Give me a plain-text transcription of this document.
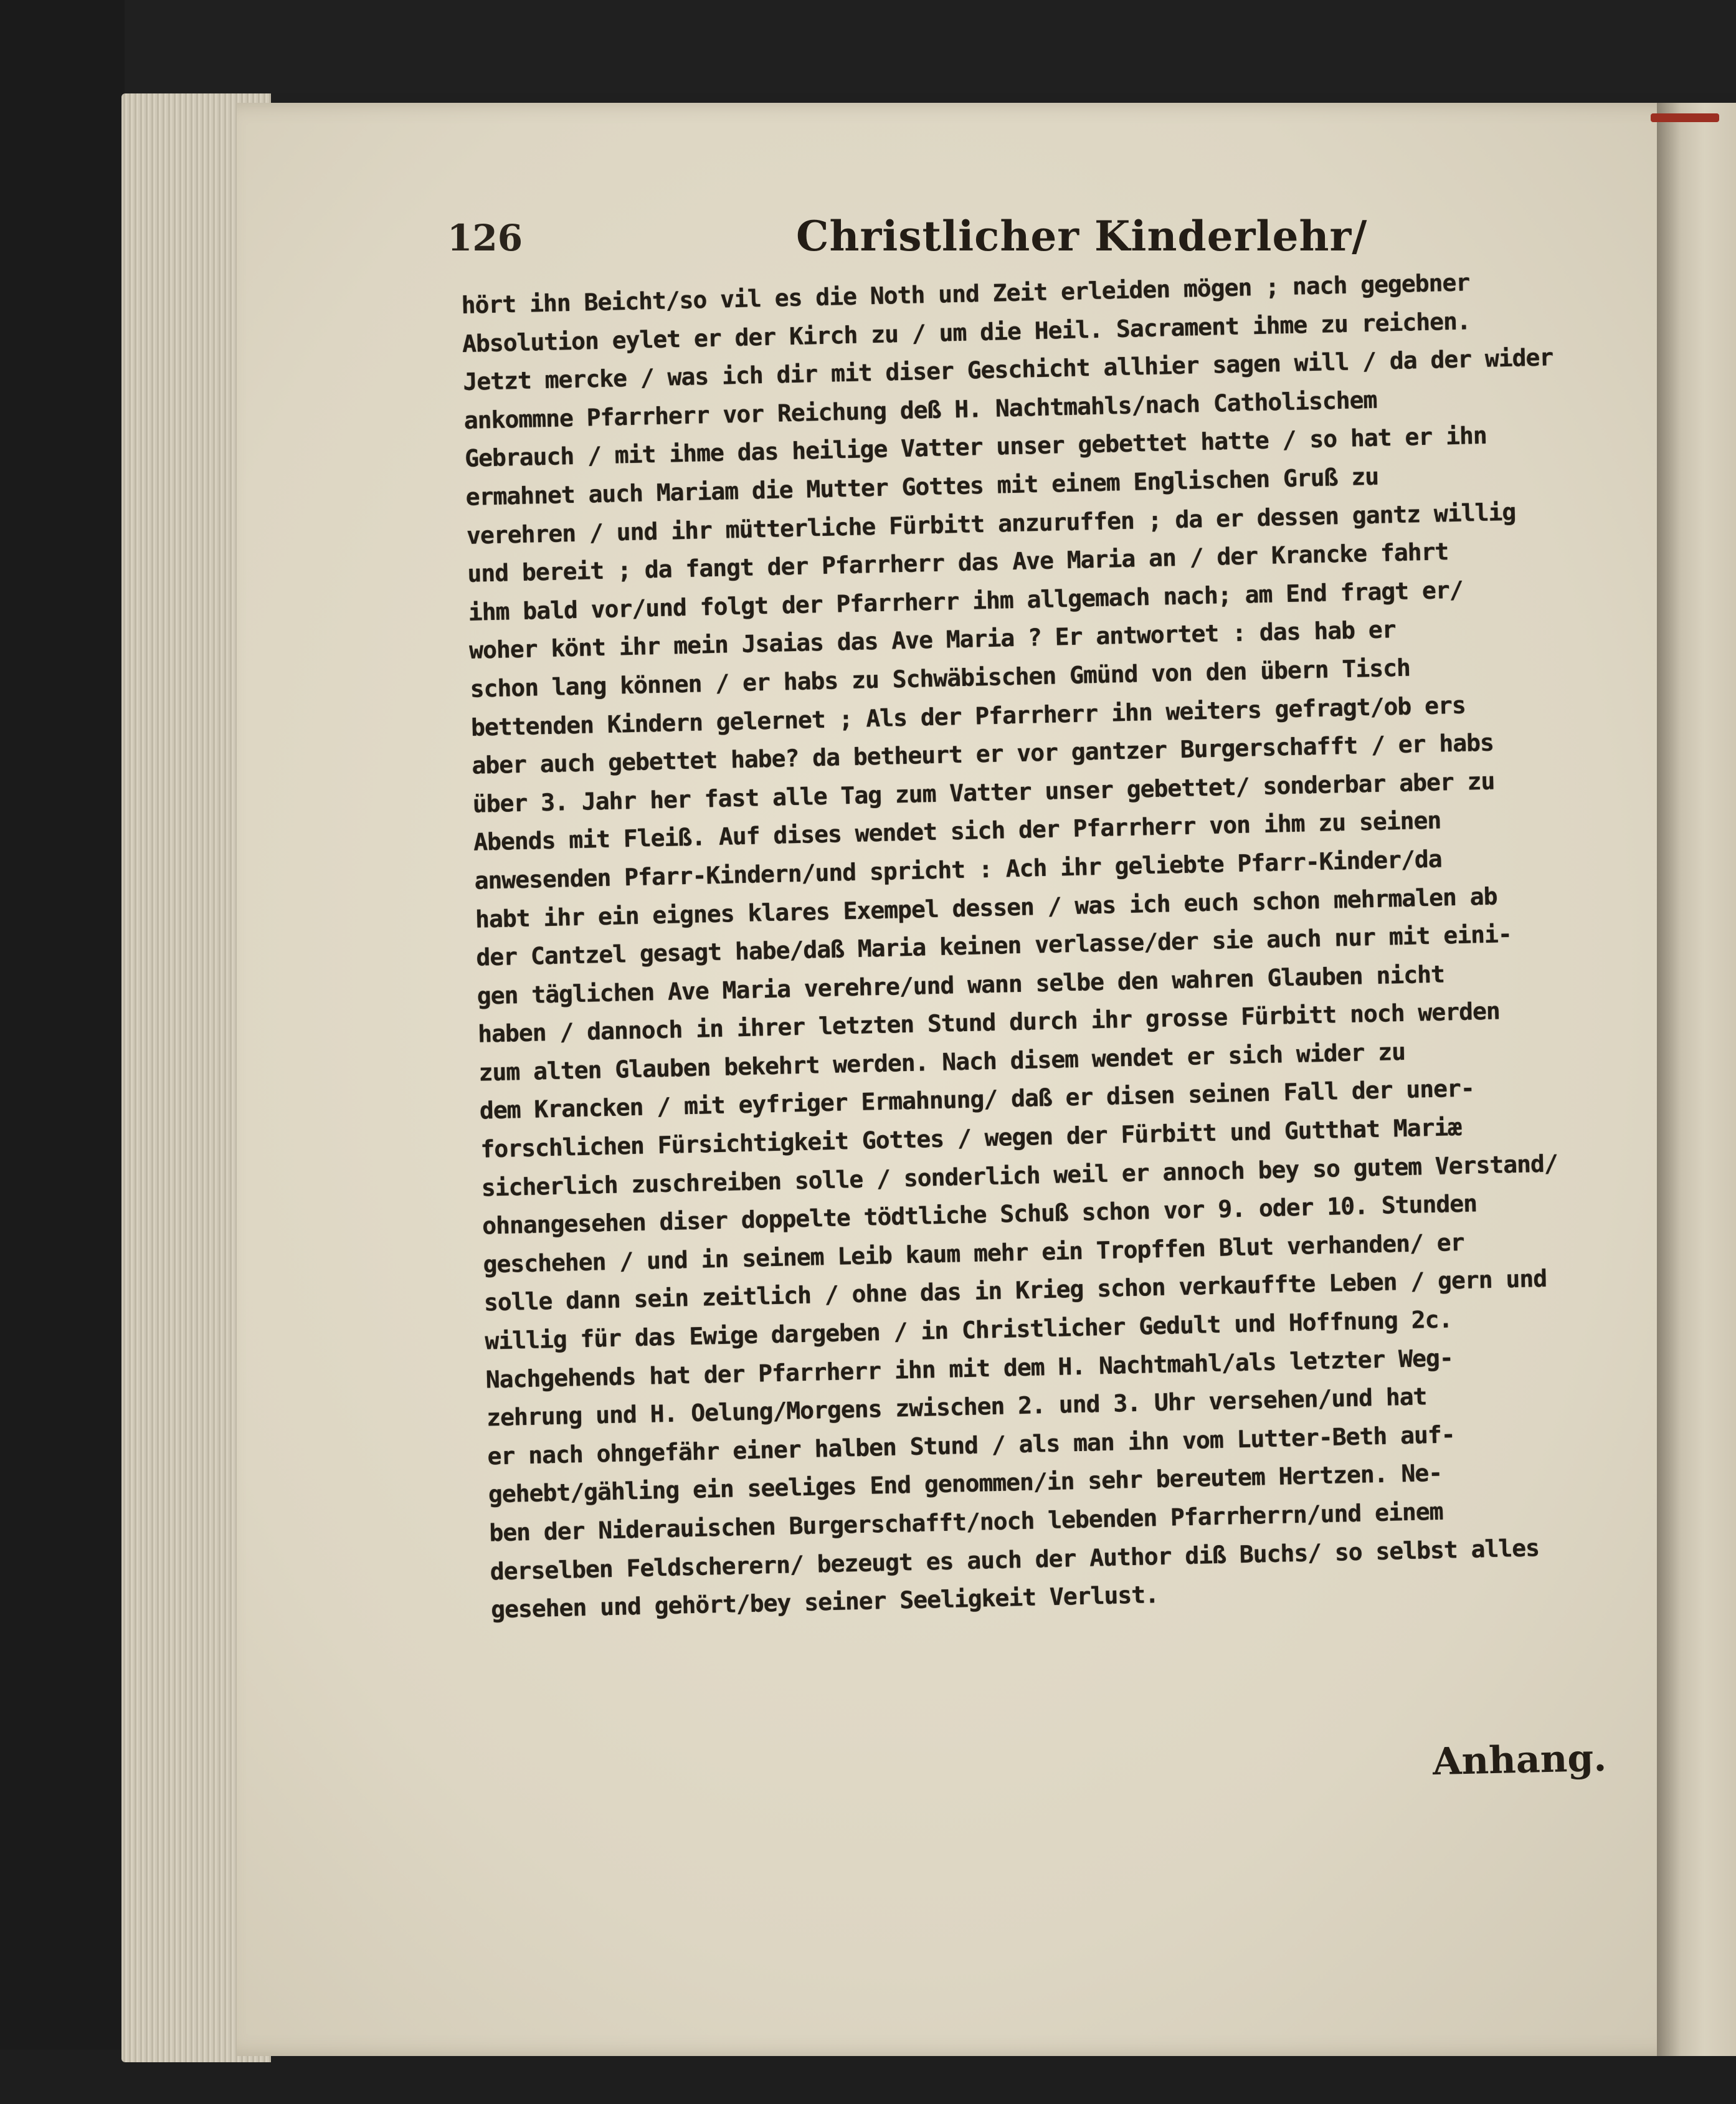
126	Christlicher Kinderlehr/
hört ihn Beicht/so vil es die Noth und Zeit erleiden mögen ; nach gegebner
Absolution eylet er der Kirch zu / um die Heil. Sacrament ihme zu reichen.
Jetzt mercke / was ich dir mit diser Geschicht allhier sagen will / da der wider
ankommne Pfarrherr vor Reichung deß H. Nachtmahls/nach Catholischem
Gebrauch / mit ihme das heilige Vatter unser gebettet hatte / so hat er ihn
ermahnet auch Mariam die Mutter Gottes mit einem Englischen Gruß zu
verehren / und ihr mütterliche Fürbitt anzuruffen ; da er dessen gantz willig
und bereit ; da fangt der Pfarrherr das Ave Maria an / der Krancke fahrt
ihm bald vor/und folgt der Pfarrherr ihm allgemach nach; am End fragt er/
woher könt ihr mein Jsaias das Ave Maria ? Er antwortet : das hab er
schon lang können / er habs zu Schwäbischen Gmünd von den übern Tisch
bettenden Kindern gelernet ; Als der Pfarrherr ihn weiters gefragt/ob ers
aber auch gebettet habe? da betheurt er vor gantzer Burgerschafft / er habs
über 3. Jahr her fast alle Tag zum Vatter unser gebettet/ sonderbar aber zu
Abends mit Fleiß. Auf dises wendet sich der Pfarrherr von ihm zu seinen
anwesenden Pfarr-Kindern/und spricht : Ach ihr geliebte Pfarr-Kinder/da
habt ihr ein eignes klares Exempel dessen / was ich euch schon mehrmalen ab
der Cantzel gesagt habe/daß Maria keinen verlasse/der sie auch nur mit eini-
gen täglichen Ave Maria verehre/und wann selbe den wahren Glauben nicht
haben / dannoch in ihrer letzten Stund durch ihr grosse Fürbitt noch werden
zum alten Glauben bekehrt werden. Nach disem wendet er sich wider zu
dem Krancken / mit eyfriger Ermahnung/ daß er disen seinen Fall der uner-
forschlichen Fürsichtigkeit Gottes / wegen der Fürbitt und Gutthat Mariæ
sicherlich zuschreiben solle / sonderlich weil er annoch bey so gutem Verstand/
ohnangesehen diser doppelte tödtliche Schuß schon vor 9. oder 10. Stunden
geschehen / und in seinem Leib kaum mehr ein Tropffen Blut verhanden/ er
solle dann sein zeitlich / ohne das in Krieg schon verkauffte Leben / gern und
willig für das Ewige dargeben / in Christlicher Gedult und Hoffnung 2c.
Nachgehends hat der Pfarrherr ihn mit dem H. Nachtmahl/als letzter Weg-
zehrung und H. Oelung/Morgens zwischen 2. und 3. Uhr versehen/und hat
er nach ohngefähr einer halben Stund / als man ihn vom Lutter-Beth auf-
gehebt/gähling ein seeliges End genommen/in sehr bereutem Hertzen. Ne-
ben der Niderauischen Burgerschafft/noch lebenden Pfarrherrn/und einem
derselben Feldscherern/ bezeugt es auch der Author diß Buchs/ so selbst alles
gesehen und gehört/bey seiner Seeligkeit Verlust.
Anhang.
